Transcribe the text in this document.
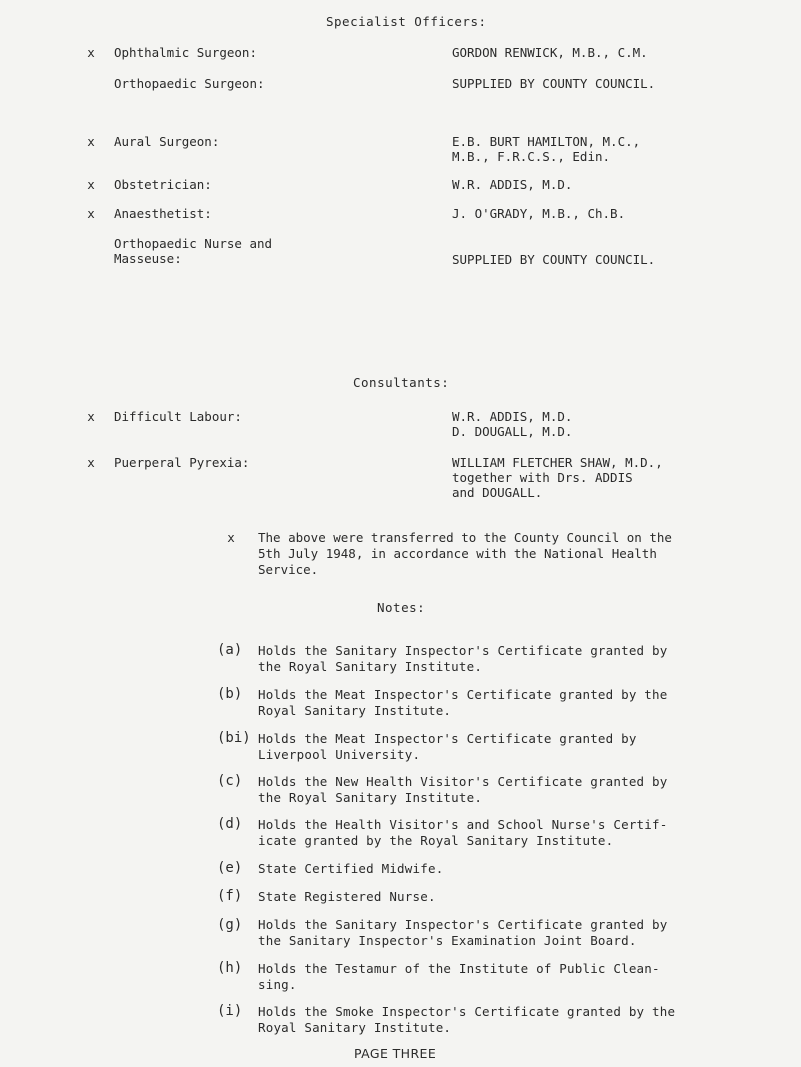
Specialist Officers:
x Ophthalmic Surgeon:	GORDON RENWICK, M.B., C.M.
Orthopaedic Surgeon:	SUPPLIED BY COUNTY COUNCIL.
x Aural Surgeon:	E.B. BURT HAMILTON, M.C.,
M.B., F.R.C.S., Edin.
x Obstetrician:	W.R. ADDIS, M.D.
x Anaesthetist:	J. O'GRADY, M.B., Ch.B.
Orthopaedic Nurse and
Masseuse:	SUPPLIED BY COUNTY COUNCIL.
Consultants:
x Difficult Labour:	W.R. ADDIS, M.D.
D. DOUGALL, M.D.
x Puerperal Pyrexia:	WILLIAM FLETCHER SHAW, M.D.,
together with Drs. ADDIS
and DOUGALL.
x The above were transferred to the County Council on the
5th July 1948, in accordance with the National Health
Service.
Notes:
(a) Holds the Sanitary Inspector's Certificate granted by
the Royal Sanitary Institute.
(b) Holds the Meat Inspector's Certificate granted by the
Royal Sanitary Institute.
(bi) Holds the Meat Inspector's Certificate granted by
Liverpool University.
(c) Holds the New Health Visitor's Certificate granted by
the Royal Sanitary Institute.
(d) Holds the Health Visitor's and School Nurse's Certif-
icate granted by the Royal Sanitary Institute.
(e) State Certified Midwife.
(f) State Registered Nurse.
(g) Holds the Sanitary Inspector's Certificate granted by
the Sanitary Inspector's Examination Joint Board.
(h) Holds the Testamur of the Institute of Public Clean-
sing.
(i) Holds the Smoke Inspector's Certificate granted by the
Royal Sanitary Institute.
PAGE THREE
